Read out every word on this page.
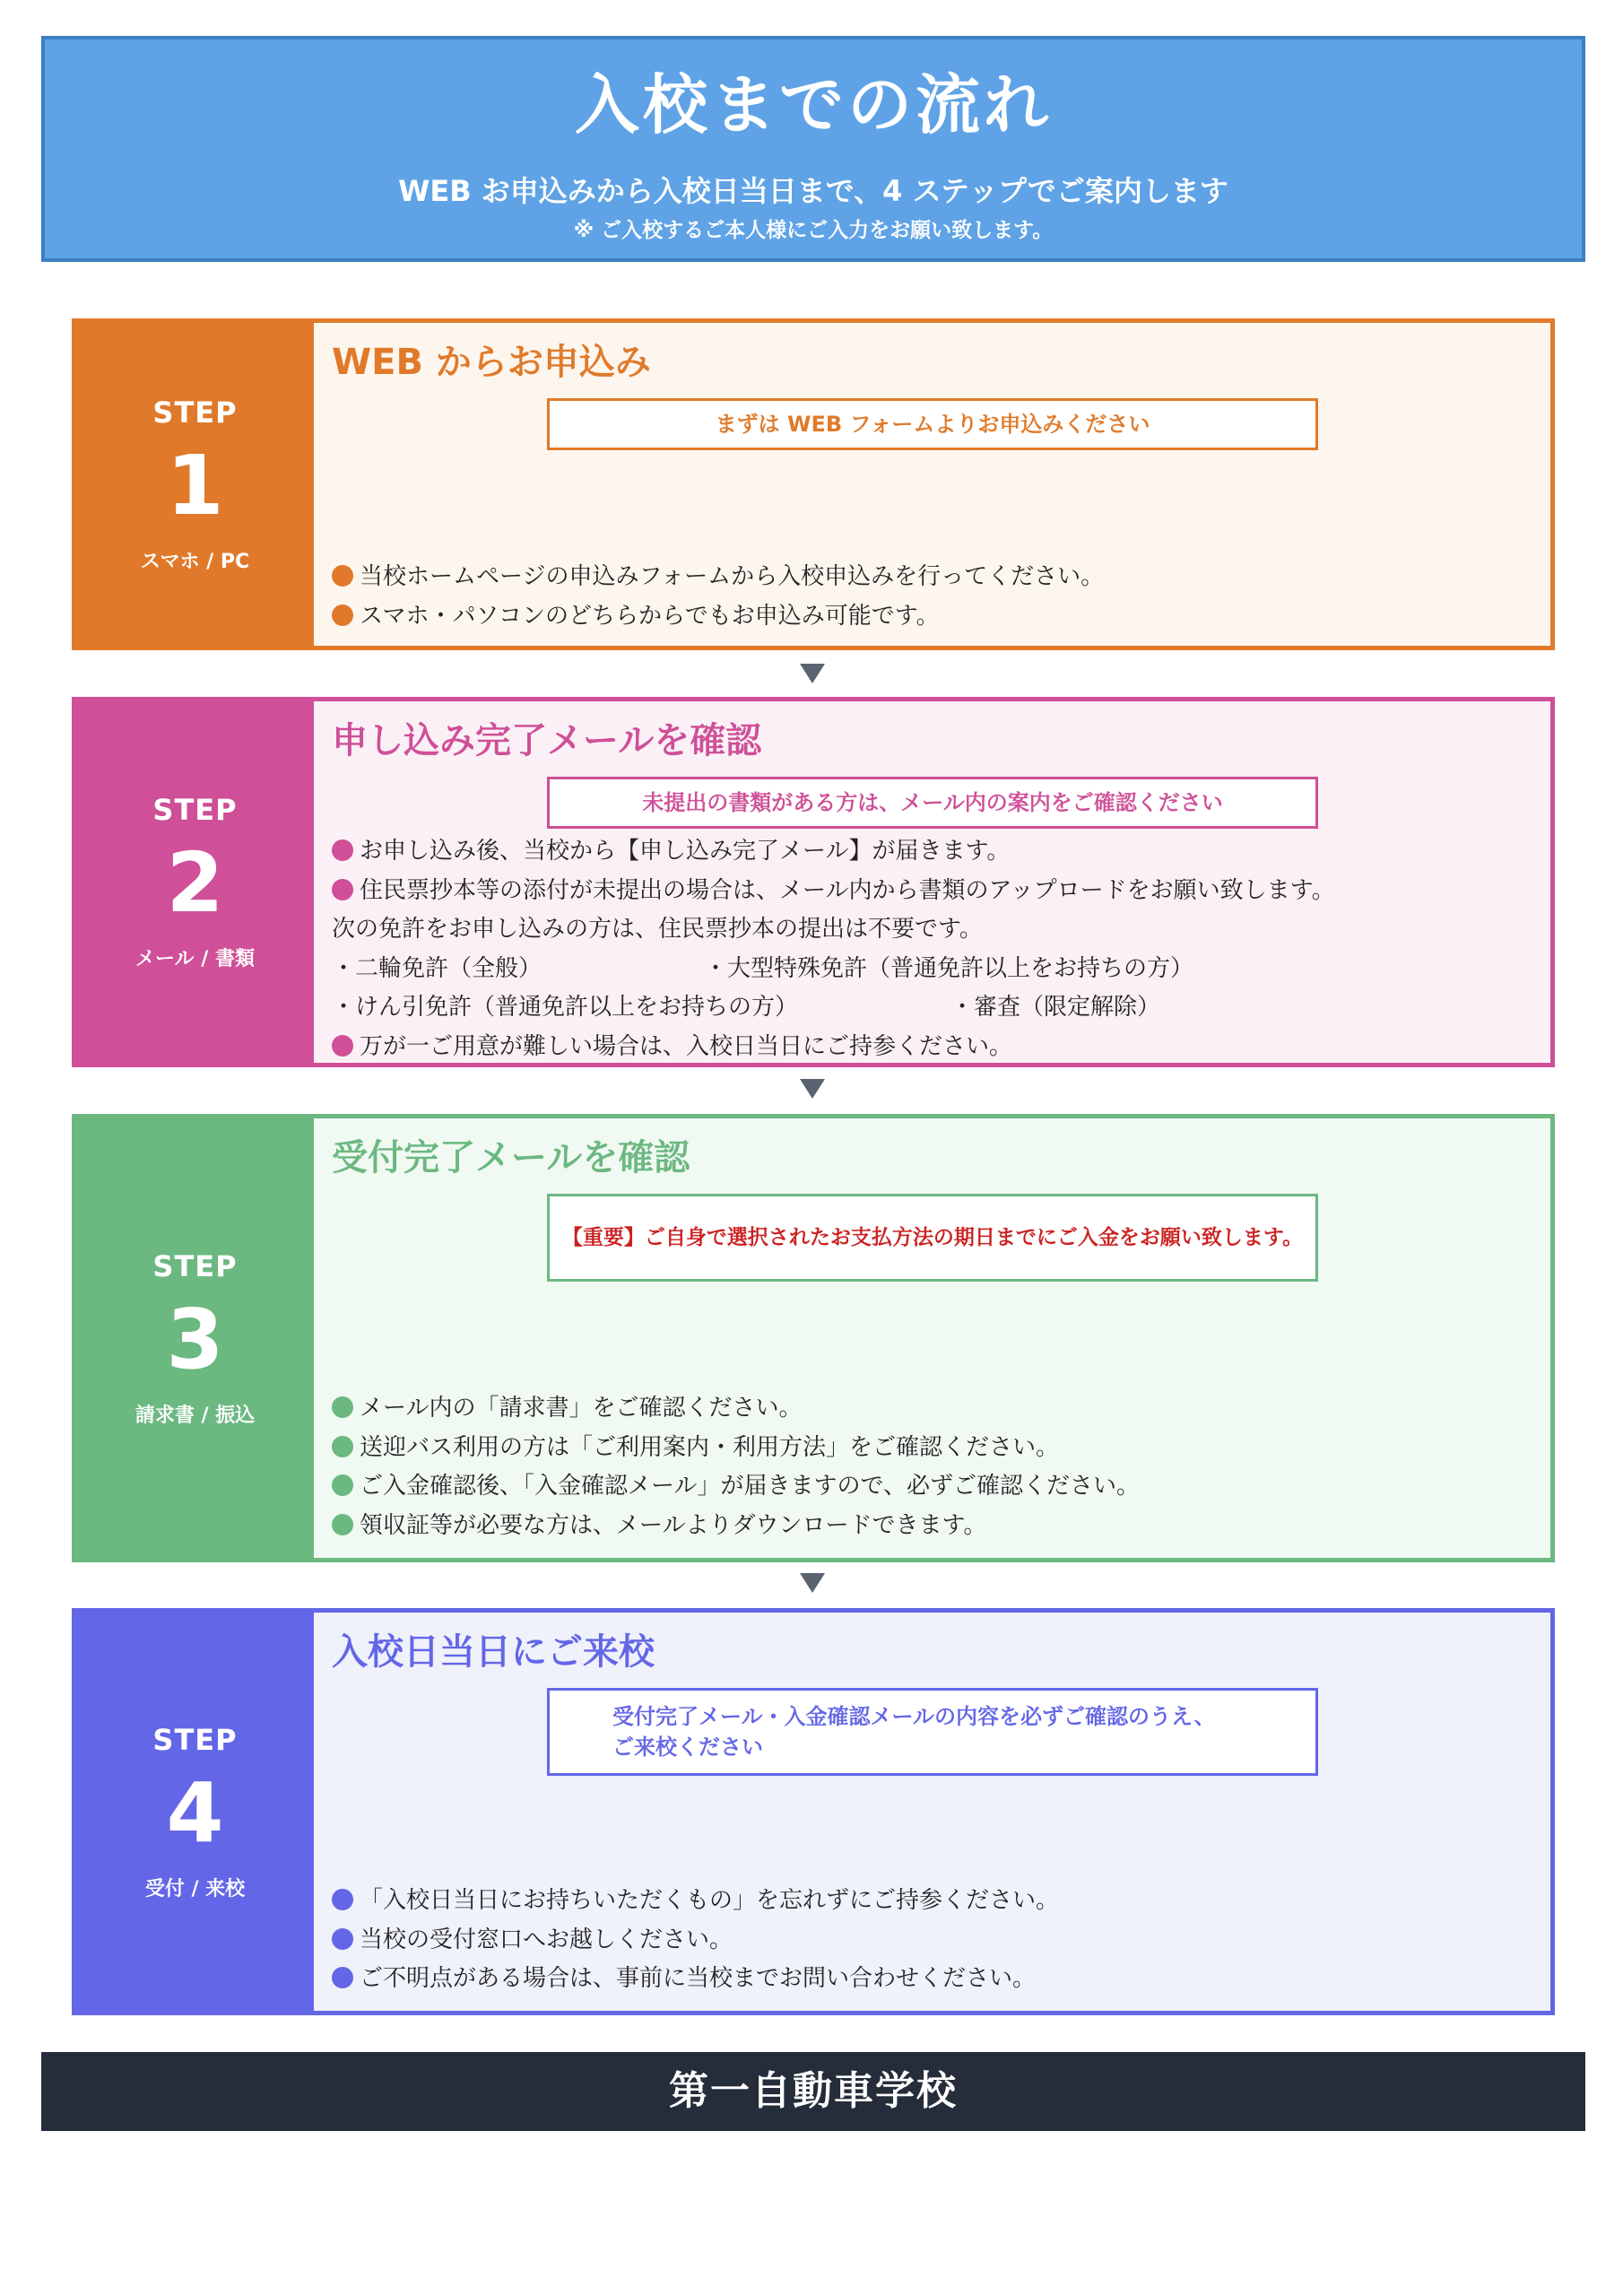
入校までの流れ
WEB お申込みから入校日当日まで、4 ステップでご案内します
※ ご入校するご本人様にご入力をお願い致します。
STEP
1
スマホ / PC
WEB からお申込み
まずは WEB フォームよりお申込みください
当校ホームページの申込みフォームから入校申込みを行ってください。
スマホ・パソコンのどちらからでもお申込み可能です。
STEP
2
メール / 書類
申し込み完了メールを確認
未提出の書類がある方は、メール内の案内をご確認ください
お申し込み後、当校から【申し込み完了メール】が届きます。
住民票抄本等の添付が未提出の場合は、メール内から書類のアップロードをお願い致します。
次の免許をお申し込みの方は、住民票抄本の提出は不要です。
・二輪免許（全般）	・大型特殊免許（普通免許以上をお持ちの方）
・けん引免許（普通免許以上をお持ちの方）	・審査（限定解除）
万が一ご用意が難しい場合は、入校日当日にご持参ください。
STEP
3
請求書 / 振込
受付完了メールを確認
【重要】ご自身で選択されたお支払方法の期日までにご入金をお願い致します。
メール内の「請求書」をご確認ください。
送迎バス利用の方は「ご利用案内・利用方法」をご確認ください。
ご入金確認後、「入金確認メール」が届きますので、必ずご確認ください。
領収証等が必要な方は、メールよりダウンロードできます。
STEP
4
受付 / 来校
入校日当日にご来校
受付完了メール・入金確認メールの内容を必ずご確認のうえ、
ご来校ください
「入校日当日にお持ちいただくもの」を忘れずにご持参ください。
当校の受付窓口へお越しください。
ご不明点がある場合は、事前に当校までお問い合わせください。
第一自動車学校
